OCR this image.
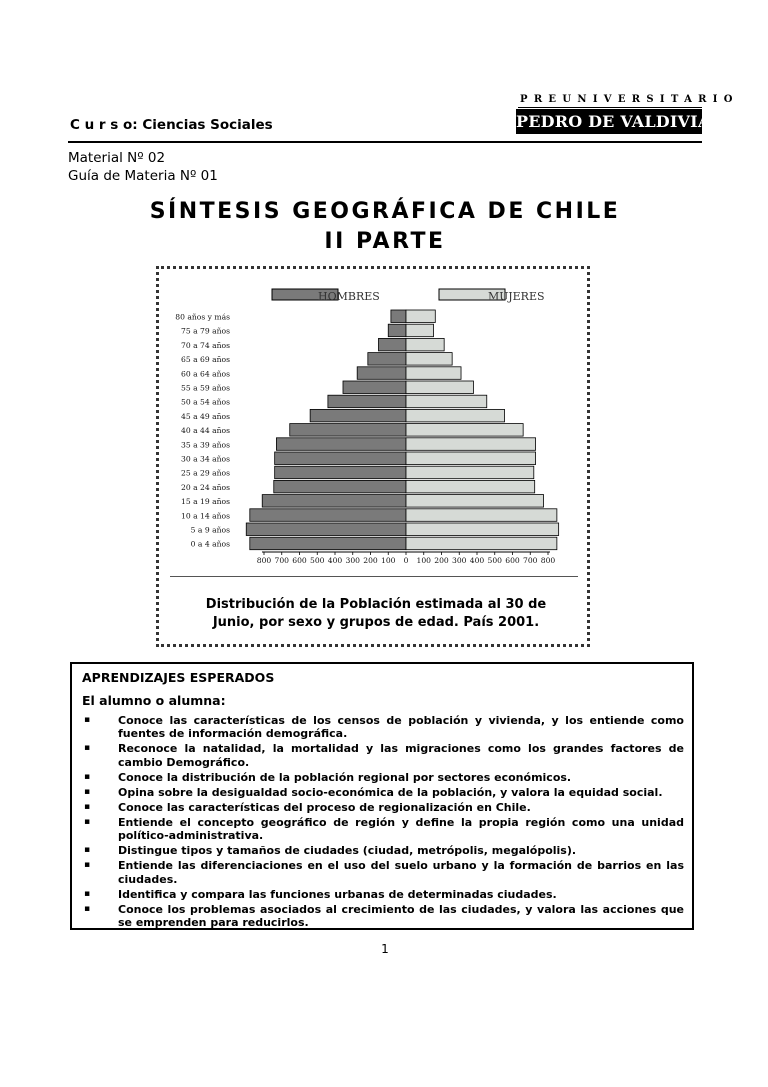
PREUNIVERSITARIO
PEDRO DE VALDIVIA
C u r s o: Ciencias Sociales
Material Nº 02
Guía de Materia Nº 01
SÍNTESIS GEOGRÁFICA DE CHILE
II PARTE
HOMBRES	MUJERES
80 años y más
75 a 79 años
70 a 74 años
65 a 69 años
60 a 64 años
55 a 59 años
50 a 54 años
45 a 49 años
40 a 44 años
35 a 39 años
30 a 34 años
25 a 29 años
20 a 24 años
15 a 19 años
10 a 14 años
5 a 9 años
0 a 4 años
800 700 600 500 400 300 200 100 0 100 200 300 400 500 600 700 800
Distribución de la Población estimada al 30 de
Junio, por sexo y grupos de edad. País 2001.
APRENDIZAJES ESPERADOS
El alumno o alumna:
▪	Conoce las características de los censos de población y vivienda, y los entiende como fuentes de información demográfica.
▪	Reconoce la natalidad, la mortalidad y las migraciones como los grandes factores de cambio Demográfico.
▪	Conoce la distribución de la población regional por sectores económicos.
▪	Opina sobre la desigualdad socio-económica de la población, y valora la equidad social.
▪	Conoce las características del proceso de regionalización en Chile.
▪	Entiende el concepto geográfico de región y define la propia región como una unidad político-administrativa.
▪	Distingue tipos y tamaños de ciudades (ciudad, metrópolis, megalópolis).
▪	Entiende las diferenciaciones en el uso del suelo urbano y la formación de barrios en las ciudades.
▪	Identifica y compara las funciones urbanas de determinadas ciudades.
▪	Conoce los problemas asociados al crecimiento de las ciudades, y valora las acciones que se emprenden para reducirlos.
1
